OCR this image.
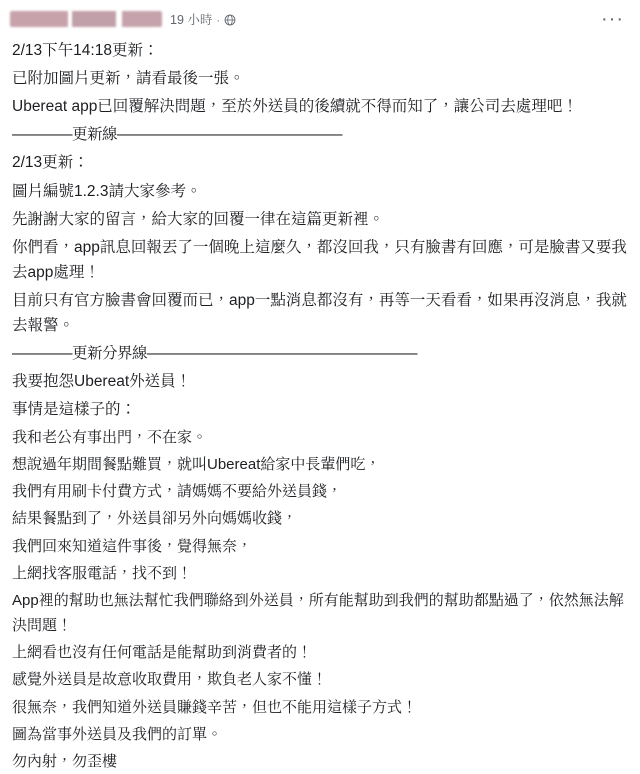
19 小時 ·	···

2/13下午14:18更新：

已附加圖片更新，請看最後一張。

Ubereat app已回覆解決問題，至於外送員的後續就不得而知了，讓公司去處理吧！

————更新線———————————————

2/13更新：

圖片編號1.2.3請大家參考。

先謝謝大家的留言，給大家的回覆一律在這篇更新裡。

你們看，app訊息回報丟了一個晚上這麼久，都沒回我，只有臉書有回應，可是臉書又要我去app處理！

目前只有官方臉書會回覆而已，app一點消息都沒有，再等一天看看，如果再沒消息，我就去報警。

————更新分界線——————————————————

我要抱怨Ubereat外送員！

事情是這樣子的：

我和老公有事出門，不在家。

想說過年期間餐點難買，就叫Ubereat給家中長輩們吃，

我們有用刷卡付費方式，請媽媽不要給外送員錢，

結果餐點到了，外送員卻另外向媽媽收錢，

我們回來知道這件事後，覺得無奈，

上網找客服電話，找不到！

App裡的幫助也無法幫忙我們聯絡到外送員，所有能幫助到我們的幫助都點過了，依然無法解決問題！

上網看也沒有任何電話是能幫助到消費者的！

感覺外送員是故意收取費用，欺負老人家不懂！

很無奈，我們知道外送員賺錢辛苦，但也不能用這樣子方式！

圖為當事外送員及我們的訂單。

勿內射，勿歪樓
